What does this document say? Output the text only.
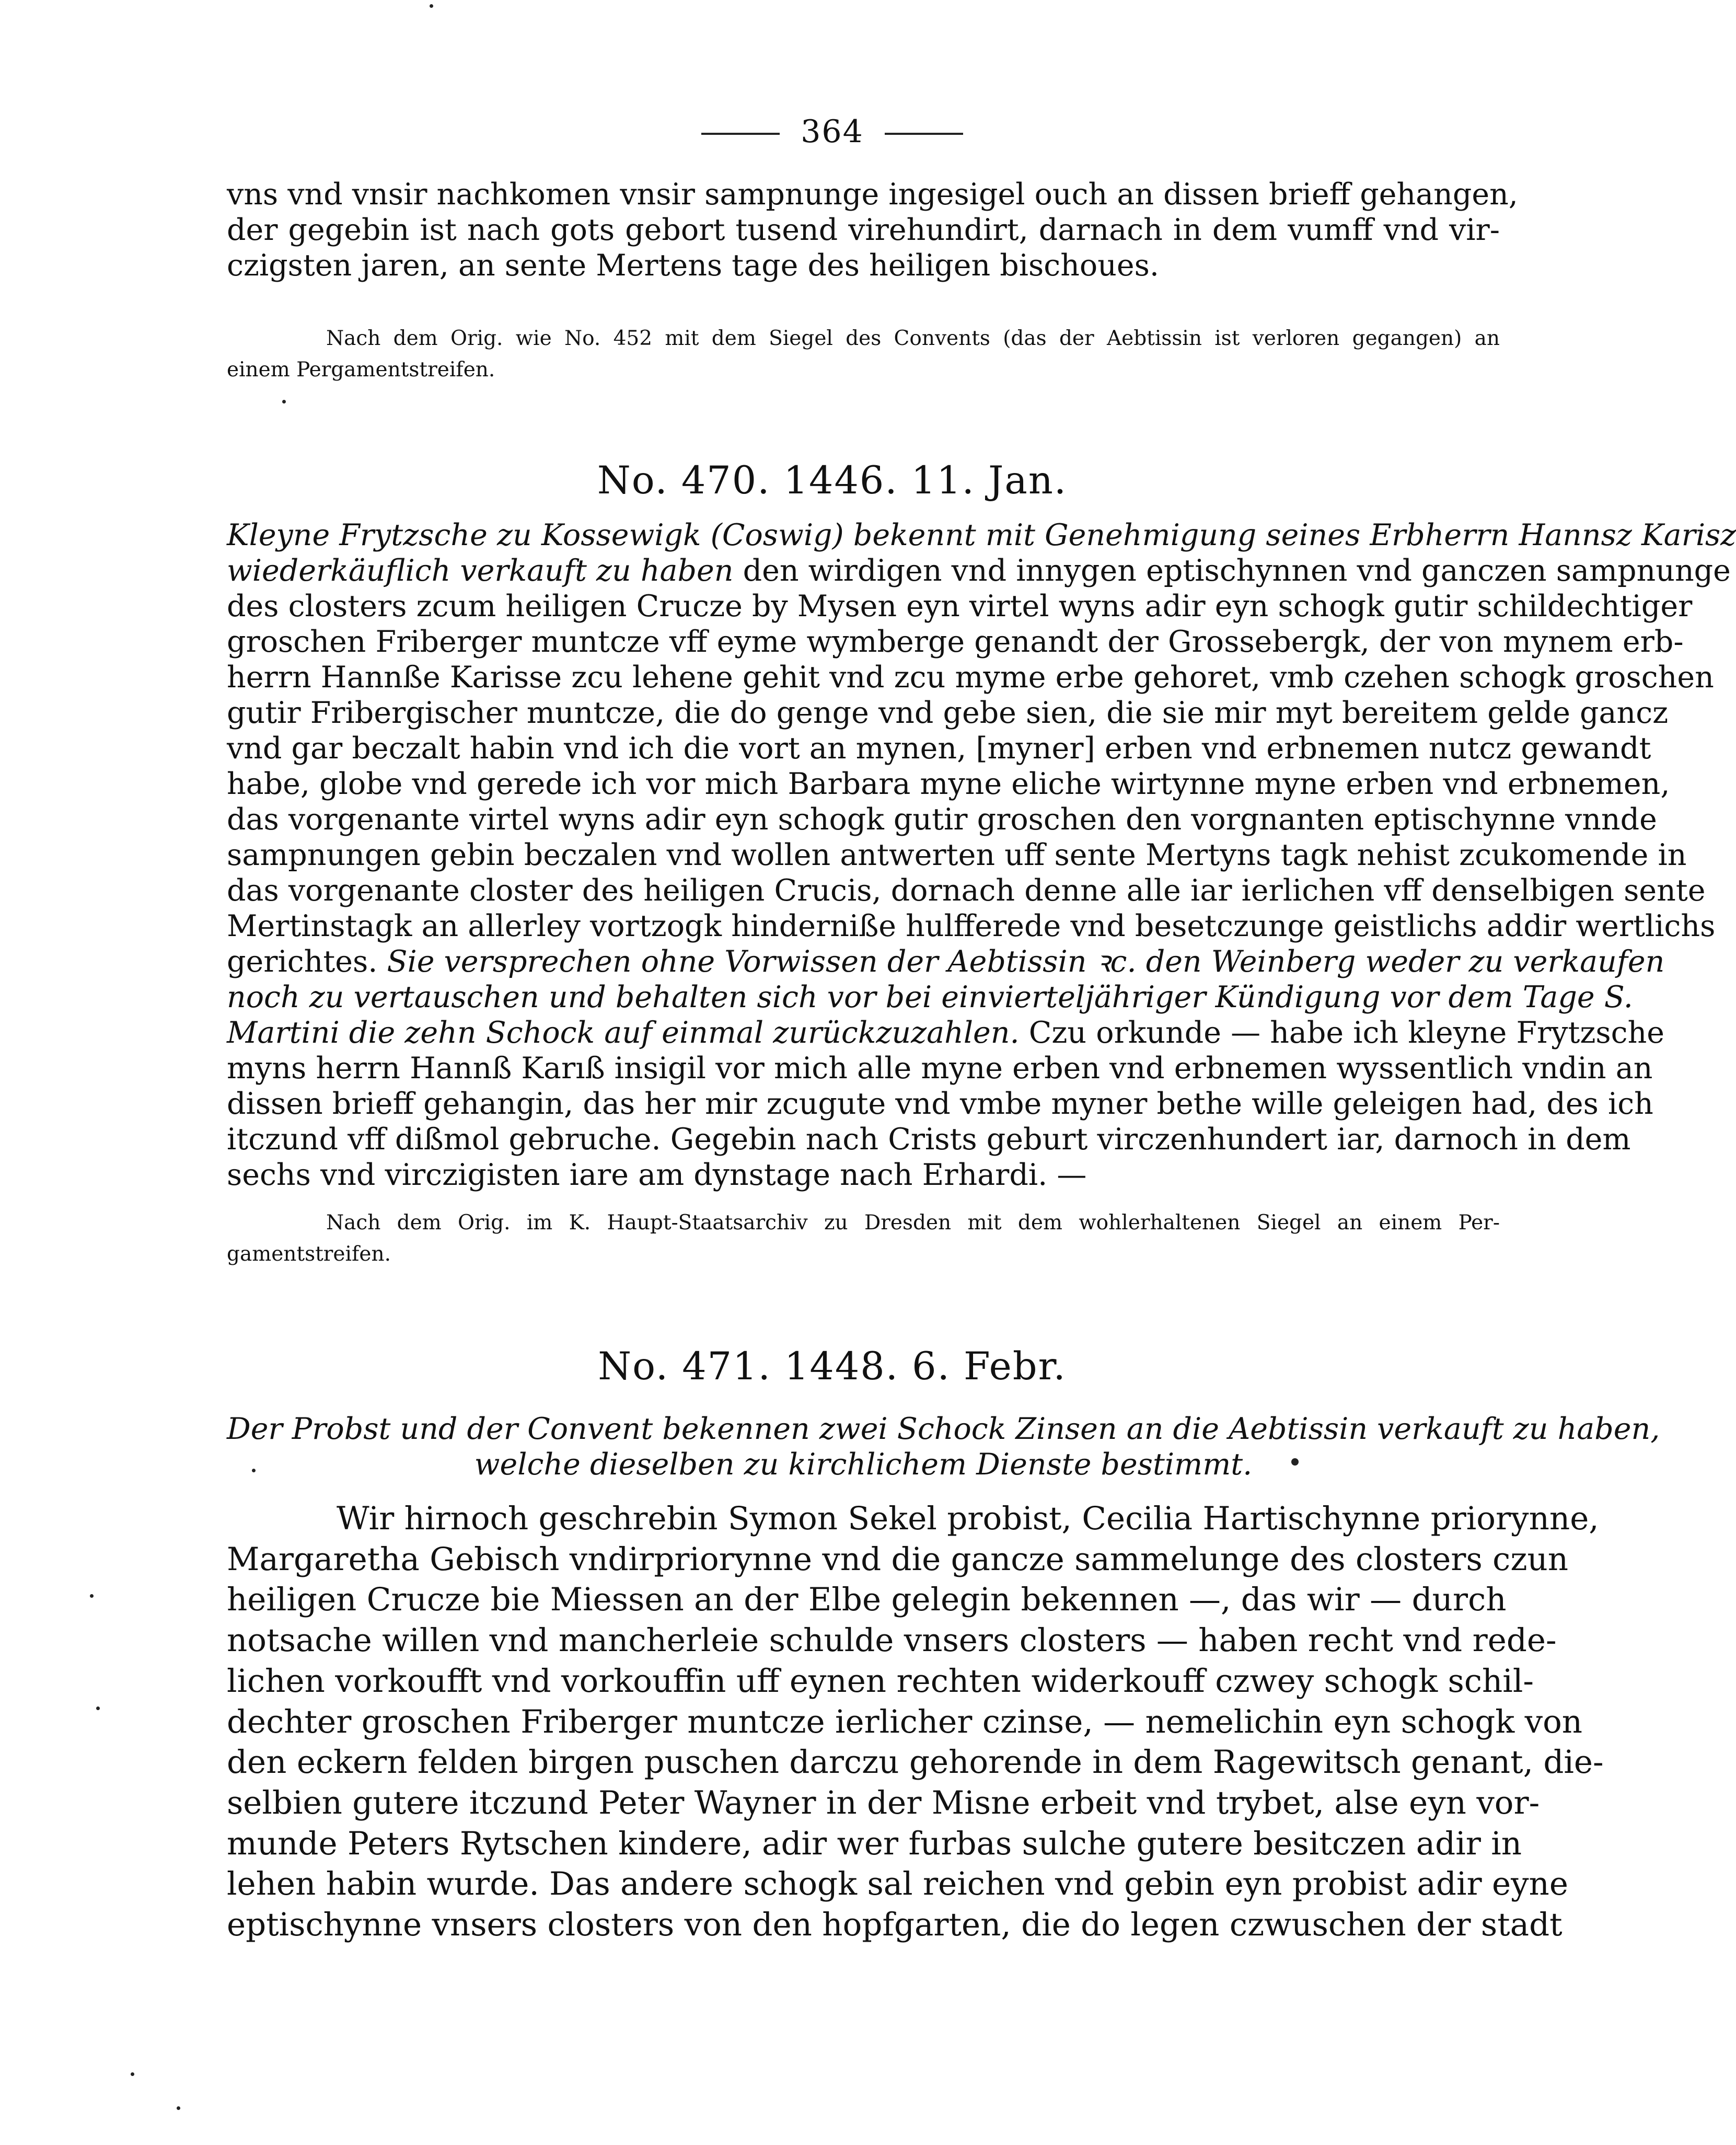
364
vns vnd vnsir nachkomen vnsir sampnunge ingesigel ouch an dissen brieff gehangen,
der gegebin ist nach gots gebort tusend virehundirt, darnach in dem vumff vnd vir-
czigsten jaren, an sente Mertens tage des heiligen bischoues.
Nach dem Orig. wie No. 452 mit dem Siegel des Convents (das der Aebtissin ist verloren gegangen) an
einem Pergamentstreifen.
No. 470. 1446. 11. Jan.
Kleyne Frytzsche zu Kossewigk (Coswig) bekennt mit Genehmigung seines Erbherrn Hannsz Karisz
wiederkäuflich verkauft zu haben den wirdigen vnd innygen eptischynnen vnd ganczen sampnunge
des closters zcum heiligen Crucze by Mysen eyn virtel wyns adir eyn schogk gutir schildechtiger
groschen Friberger muntcze vff eyme wymberge genandt der Grossebergk, der von mynem erb-
herrn Hannße Karisse zcu lehene gehit vnd zcu myme erbe gehoret, vmb czehen schogk groschen
gutir Fribergischer muntcze, die do genge vnd gebe sien, die sie mir myt bereitem gelde gancz
vnd gar beczalt habin vnd ich die vort an mynen, [myner] erben vnd erbnemen nutcz gewandt
habe, globe vnd gerede ich vor mich Barbara myne eliche wirtynne myne erben vnd erbnemen,
das vorgenante virtel wyns adir eyn schogk gutir groschen den vorgnanten eptischynne vnnde
sampnungen gebin beczalen vnd wollen antwerten uff sente Mertyns tagk nehist zcukomende in
das vorgenante closter des heiligen Crucis, dornach denne alle iar ierlichen vff denselbigen sente
Mertinstagk an allerley vortzogk hinderniße hulfferede vnd besetczunge geistlichs addir wertlichs
gerichtes. Sie versprechen ohne Vorwissen der Aebtissin ꝛc. den Weinberg weder zu verkaufen
noch zu vertauschen und behalten sich vor bei einvierteljähriger Kündigung vor dem Tage S.
Martini die zehn Schock auf einmal zurückzuzahlen. Czu orkunde — habe ich kleyne Frytzsche
myns herrn Hannß Karıß insigil vor mich alle myne erben vnd erbnemen wyssentlich vndin an
dissen brieff gehangin, das her mir zcugute vnd vmbe myner bethe wille geleigen had, des ich
itczund vff dißmol gebruche. Gegebin nach Crists geburt virczenhundert iar, darnoch in dem
sechs vnd virczigisten iare am dynstage nach Erhardi. —
Nach dem Orig. im K. Haupt-Staatsarchiv zu Dresden mit dem wohlerhaltenen Siegel an einem Per-
gamentstreifen.
No. 471. 1448. 6. Febr.
Der Probst und der Convent bekennen zwei Schock Zinsen an die Aebtissin verkauft zu haben,
welche dieselben zu kirchlichem Dienste bestimmt.
Wir hirnoch geschrebin Symon Sekel probist, Cecilia Hartischynne priorynne,
Margaretha Gebisch vndirpriorynne vnd die gancze sammelunge des closters czun
heiligen Crucze bie Miessen an der Elbe gelegin bekennen —, das wir — durch
notsache willen vnd mancherleie schulde vnsers closters — haben recht vnd rede-
lichen vorkoufft vnd vorkouffin uff eynen rechten widerkouff czwey schogk schil-
dechter groschen Friberger muntcze ierlicher czinse, — nemelichin eyn schogk von
den eckern felden birgen puschen darczu gehorende in dem Ragewitsch genant, die-
selbien gutere itczund Peter Wayner in der Misne erbeit vnd trybet, alse eyn vor-
munde Peters Rytschen kindere, adir wer furbas sulche gutere besitczen adir in
lehen habin wurde. Das andere schogk sal reichen vnd gebin eyn probist adir eyne
eptischynne vnsers closters von den hopfgarten, die do legen czwuschen der stadt
